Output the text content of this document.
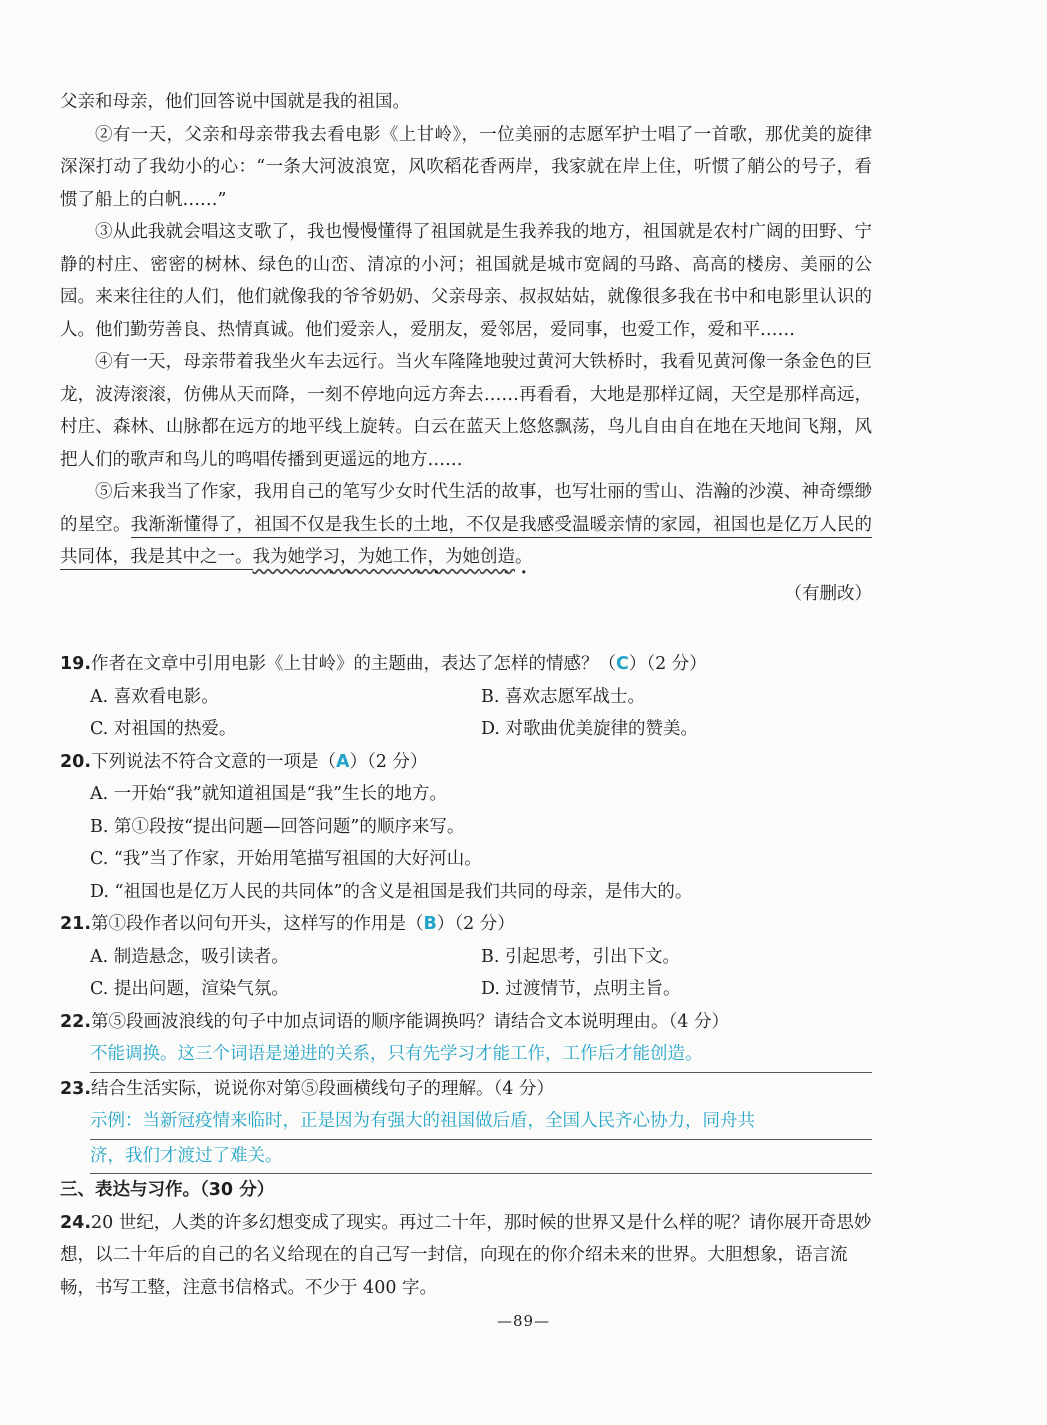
父亲和母亲，他们回答说中国就是我的祖国。

②有一天，父亲和母亲带我去看电影《上甘岭》，一位美丽的志愿军护士唱了一首歌，那优美的旋律深深打动了我幼小的心：“一条大河波浪宽，风吹稻花香两岸，我家就在岸上住，听惯了艄公的号子，看惯了船上的白帆……”

③从此我就会唱这支歌了，我也慢慢懂得了祖国就是生我养我的地方，祖国就是农村广阔的田野、宁静的村庄、密密的树林、绿色的山峦、清凉的小河；祖国就是城市宽阔的马路、高高的楼房、美丽的公园。来来往往的人们，他们就像我的爷爷奶奶、父亲母亲、叔叔姑姑，就像很多我在书中和电影里认识的人。他们勤劳善良、热情真诚。他们爱亲人，爱朋友，爱邻居，爱同事，也爱工作，爱和平……

④有一天，母亲带着我坐火车去远行。当火车隆隆地驶过黄河大铁桥时，我看见黄河像一条金色的巨龙，波涛滚滚，仿佛从天而降，一刻不停地向远方奔去……再看看，大地是那样辽阔，天空是那样高远，村庄、森林、山脉都在远方的地平线上旋转。白云在蓝天上悠悠飘荡，鸟儿自由自在地在天地间飞翔，风把人们的歌声和鸟儿的鸣唱传播到更遥远的地方……

⑤后来我当了作家，我用自己的笔写少女时代生活的故事，也写壮丽的雪山、浩瀚的沙漠、神奇缥缈的星空。我渐渐懂得了，祖国不仅是我生长的土地，不仅是我感受温暖亲情的家园，祖国也是亿万人民的共同体，我是其中之一。我为她学习，为她工作，为她创造。

（有删改）

19.作者在文章中引用电影《上甘岭》的主题曲，表达了怎样的情感？（C）（2 分）

A. 喜欢看电影。	B. 喜欢志愿军战士。
C. 对祖国的热爱。	D. 对歌曲优美旋律的赞美。

20.下列说法不符合文意的一项是（A）（2 分）

A. 一开始“我”就知道祖国是“我”生长的地方。
B. 第①段按“提出问题—回答问题”的顺序来写。
C. “我”当了作家，开始用笔描写祖国的大好河山。
D. “祖国也是亿万人民的共同体”的含义是祖国是我们共同的母亲，是伟大的。

21.第①段作者以问句开头，这样写的作用是（B）（2 分）

A. 制造悬念，吸引读者。	B. 引起思考，引出下文。
C. 提出问题，渲染气氛。	D. 过渡情节，点明主旨。

22.第⑤段画波浪线的句子中加点词语的顺序能调换吗？请结合文本说明理由。（4 分）

不能调换。这三个词语是递进的关系，只有先学习才能工作，工作后才能创造。

23.结合生活实际，说说你对第⑤段画横线句子的理解。（4 分）

示例：当新冠疫情来临时，正是因为有强大的祖国做后盾，全国人民齐心协力，同舟共
济，我们才渡过了难关。

三、表达与习作。（30 分）

24.20 世纪，人类的许多幻想变成了现实。再过二十年，那时候的世界又是什么样的呢？请你展开奇思妙想，以二十年后的自己的名义给现在的自己写一封信，向现在的你介绍未来的世界。大胆想象，语言流畅，书写工整，注意书信格式。不少于 400 字。

—89—
